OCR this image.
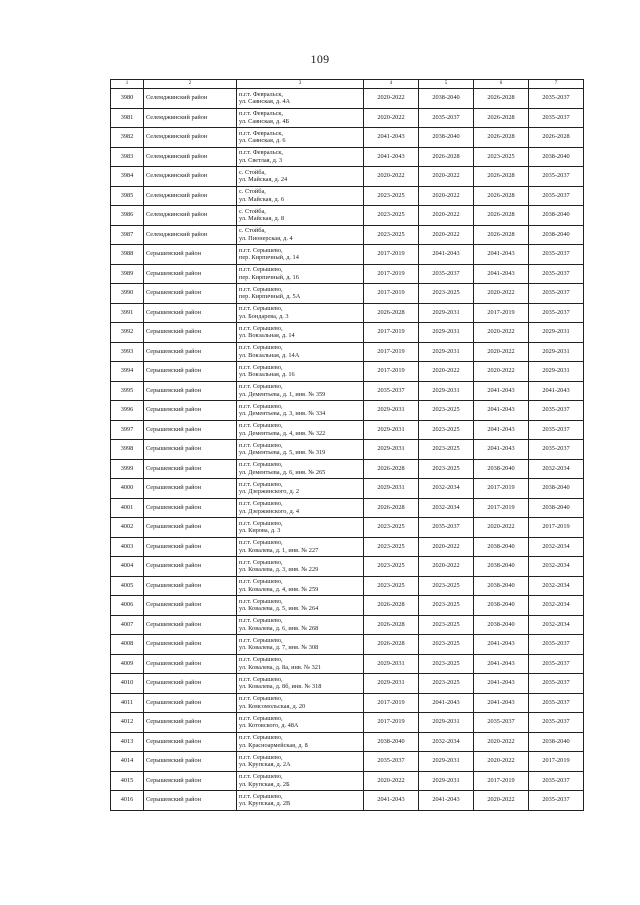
109
1	2	3	4	5	6	7
3980	Селемджинский район	п.г.т. Февральск,
ул. Саянская, д. 4А	2020-2022	2038-2040	2026-2028	2035-2037
3981	Селемджинский район	п.г.т. Февральск,
ул. Саянская, д. 4Б	2020-2022	2035-2037	2026-2028	2035-2037
3982	Селемджинский район	п.г.т. Февральск,
ул. Саянская, д. 6	2041-2043	2038-2040	2026-2028	2026-2028
3983	Селемджинский район	п.г.т. Февральск,
ул. Светлая, д. 3	2041-2043	2026-2028	2023-2025	2038-2040
3984	Селемджинский район	с. Стойба,
ул. Майская, д. 24	2020-2022	2020-2022	2026-2028	2035-2037
3985	Селемджинский район	с. Стойба,
ул. Майская, д. 6	2023-2025	2020-2022	2026-2028	2035-2037
3986	Селемджинский район	с. Стойба,
ул. Майская, д. 8	2023-2025	2020-2022	2026-2028	2038-2040
3987	Селемджинский район	с. Стойба,
ул. Пионерская, д. 4	2023-2025	2020-2022	2026-2028	2038-2040
3988	Серышевский район	п.г.т. Серышево,
пер. Кирпичный, д. 14	2017-2019	2041-2043	2041-2043	2035-2037
3989	Серышевский район	п.г.т. Серышево,
пер. Кирпичный, д. 16	2017-2019	2035-2037	2041-2043	2035-2037
3990	Серышевский район	п.г.т. Серышево,
пер. Кирпичный, д. 5А	2017-2019	2023-2025	2020-2022	2035-2037
3991	Серышевский район	п.г.т. Серышево,
ул. Бондарева, д. 3	2026-2028	2029-2031	2017-2019	2035-2037
3992	Серышевский район	п.г.т. Серышево,
ул. Вокзальная, д. 14	2017-2019	2029-2031	2020-2022	2029-2031
3993	Серышевский район	п.г.т. Серышево,
ул. Вокзальная, д. 14А	2017-2019	2029-2031	2020-2022	2029-2031
3994	Серышевский район	п.г.т. Серышево,
ул. Вокзальная, д. 16	2017-2019	2020-2022	2020-2022	2029-2031
3995	Серышевский район	п.г.т. Серышево,
ул. Дементьева, д. 1, инв. № 359	2035-2037	2029-2031	2041-2043	2041-2043
3996	Серышевский район	п.г.т. Серышево,
ул. Дементьева, д. 3, инв. № 334	2029-2031	2023-2025	2041-2043	2035-2037
3997	Серышевский район	п.г.т. Серышево,
ул. Дементьева, д. 4, инв. № 322	2029-2031	2023-2025	2041-2043	2035-2037
3998	Серышевский район	п.г.т. Серышево,
ул. Дементьева, д. 5, инв. № 319	2029-2031	2023-2025	2041-2043	2035-2037
3999	Серышевский район	п.г.т. Серышево,
ул. Дементьева, д. 6, инв. № 265	2026-2028	2023-2025	2038-2040	2032-2034
4000	Серышевский район	п.г.т. Серышево,
ул. Дзержинского, д. 2	2029-2031	2032-2034	2017-2019	2038-2040
4001	Серышевский район	п.г.т. Серышево,
ул. Дзержинского, д. 4	2026-2028	2032-2034	2017-2019	2038-2040
4002	Серышевский район	п.г.т. Серышево,
ул. Кирова, д. 3	2023-2025	2035-2037	2020-2022	2017-2019
4003	Серышевский район	п.г.т. Серышево,
ул. Ковалева, д. 1, инв. № 227	2023-2025	2020-2022	2038-2040	2032-2034
4004	Серышевский район	п.г.т. Серышево,
ул. Ковалева, д. 3, инв. № 229	2023-2025	2020-2022	2038-2040	2032-2034
4005	Серышевский район	п.г.т. Серышево,
ул. Ковалева, д. 4, инв. № 259	2023-2025	2023-2025	2038-2040	2032-2034
4006	Серышевский район	п.г.т. Серышево,
ул. Ковалева, д. 5, инв. № 264	2026-2028	2023-2025	2038-2040	2032-2034
4007	Серышевский район	п.г.т. Серышево,
ул. Ковалева, д. 6, инв. № 268	2026-2028	2023-2025	2038-2040	2032-2034
4008	Серышевский район	п.г.т. Серышево,
ул. Ковалева, д. 7, инв. № 308	2026-2028	2023-2025	2041-2043	2035-2037
4009	Серышевский район	п.г.т. Серышево,
ул. Ковалева, д. 8а, инв. № 321	2029-2031	2023-2025	2041-2043	2035-2037
4010	Серышевский район	п.г.т. Серышево,
ул. Ковалева, д. 8б, инв. № 318	2029-2031	2023-2025	2041-2043	2035-2037
4011	Серышевский район	п.г.т. Серышево,
ул. Комсомольская, д. 20	2017-2019	2041-2043	2041-2043	2035-2037
4012	Серышевский район	п.г.т. Серышево,
ул. Котовского, д. 48А	2017-2019	2029-2031	2035-2037	2035-2037
4013	Серышевский район	п.г.т. Серышево,
ул. Красноармейская, д. 8	2038-2040	2032-2034	2020-2022	2038-2040
4014	Серышевский район	п.г.т. Серышево,
ул. Крупская, д. 2А	2035-2037	2029-2031	2020-2022	2017-2019
4015	Серышевский район	п.г.т. Серышево,
ул. Крупская, д. 2Б	2020-2022	2029-2031	2017-2019	2035-2037
4016	Серышевский район	п.г.т. Серышево,
ул. Крупская, д. 2В	2041-2043	2041-2043	2020-2022	2035-2037
